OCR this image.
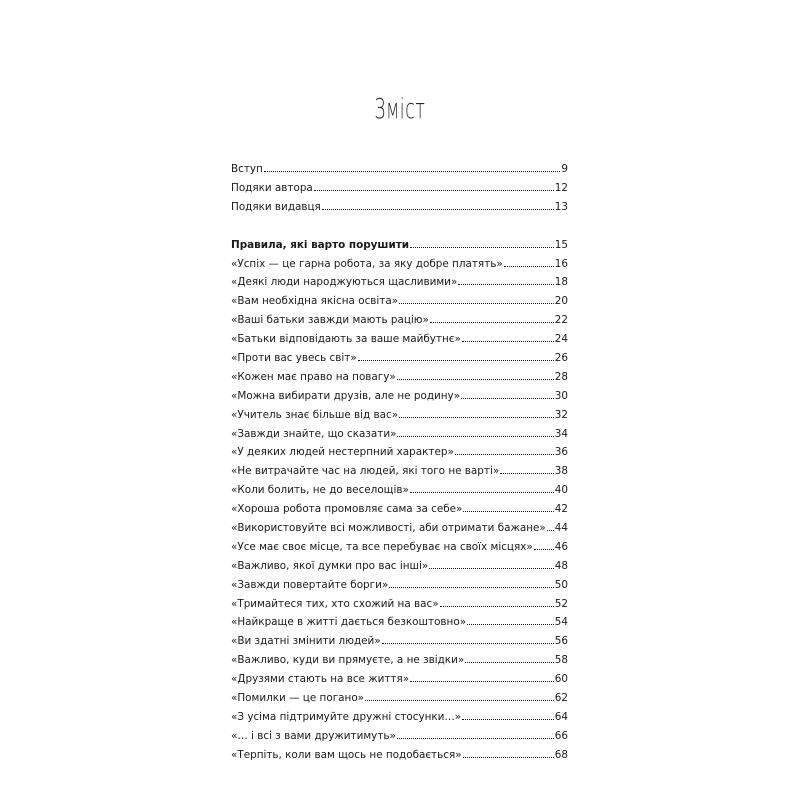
Зміст
Вступ	9
Подяки автора	12
Подяки видавця	13
Правила, які варто порушити	15
«Успіх — це гарна робота, за яку добре платять»	16
«Деякі люди народжуються щасливими»	18
«Вам необхідна якісна освіта»	20
«Ваші батьки завжди мають рацію»	22
«Батьки відповідають за ваше майбутнє»	24
«Проти вас увесь світ»	26
«Кожен має право на повагу»	28
«Можна вибирати друзів, але не родину»	30
«Учитель знає більше від вас»	32
«Завжди знайте, що сказати»	34
«У деяких людей нестерпний характер»	36
«Не витрачайте час на людей, які того не варті»	38
«Коли болить, не до веселощів»	40
«Хороша робота промовляє сама за себе»	42
«Використовуйте всі можливості, аби отримати бажане» 44
«Усе має своє місце, та все перебуває на своїх місцях» 46
«Важливо, якої думки про вас інші»	48
«Завжди повертайте борги»	50
«Тримайтеся тих, хто схожий на вас»	52
«Найкраще в житті дається безкоштовно»	54
«Ви здатні змінити людей»	56
«Важливо, куди ви прямуєте, а не звідки»	58
«Друзями стають на все життя»	60
«Помилки — це погано»	62
«З усіма підтримуйте дружні стосунки…»	64
«… і всі з вами дружитимуть»	66
«Терпіть, коли вам щось не подобається»	68
